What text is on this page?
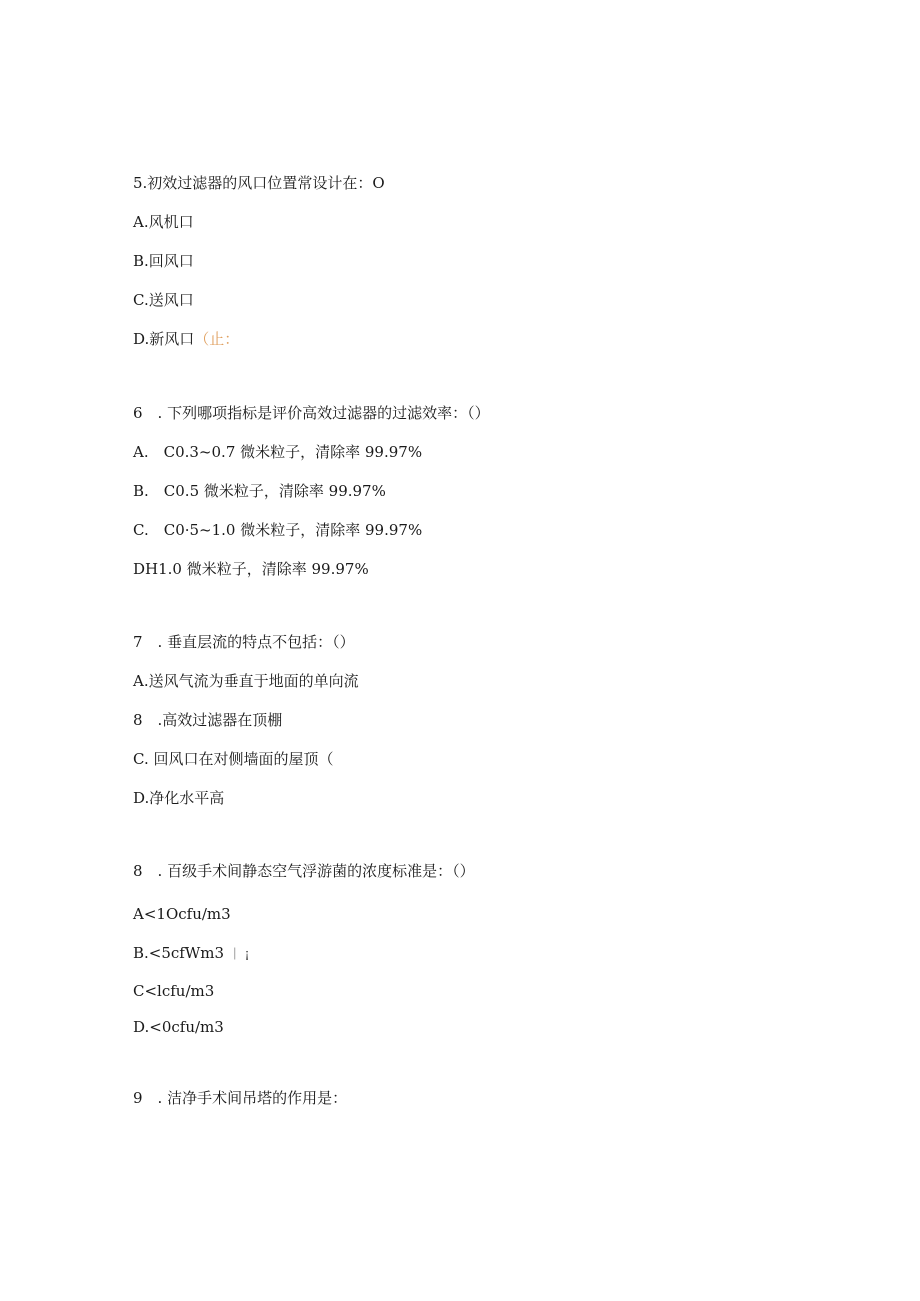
5.初效过滤器的风口位置常设计在：O
A.风机口
B.回风口
C.送风口
D.新风口（止：
6　. 下列哪项指标是评价高效过滤器的过滤效率：（）
A.　C0.3~0.7 微米粒子，清除率 99.97%
B.　C0.5 微米粒子，清除率 99.97%
C.　C0·5~1.0 微米粒子，清除率 99.97%
DH1.0 微米粒子，清除率 99.97%
7　. 垂直层流的特点不包括：（）
A.送风气流为垂直于地面的单向流
8　.高效过滤器在顶棚
C. 回风口在对侧墙面的屋顶（
D.净化水平高
8　. 百级手术间静态空气浮游菌的浓度标准是：（）
A<1Ocfu/m3
B.<5cfWm3 ｜ ¡
C<lcfu∕m3
D.<0cfu∕m3
9　. 洁净手术间吊塔的作用是：
